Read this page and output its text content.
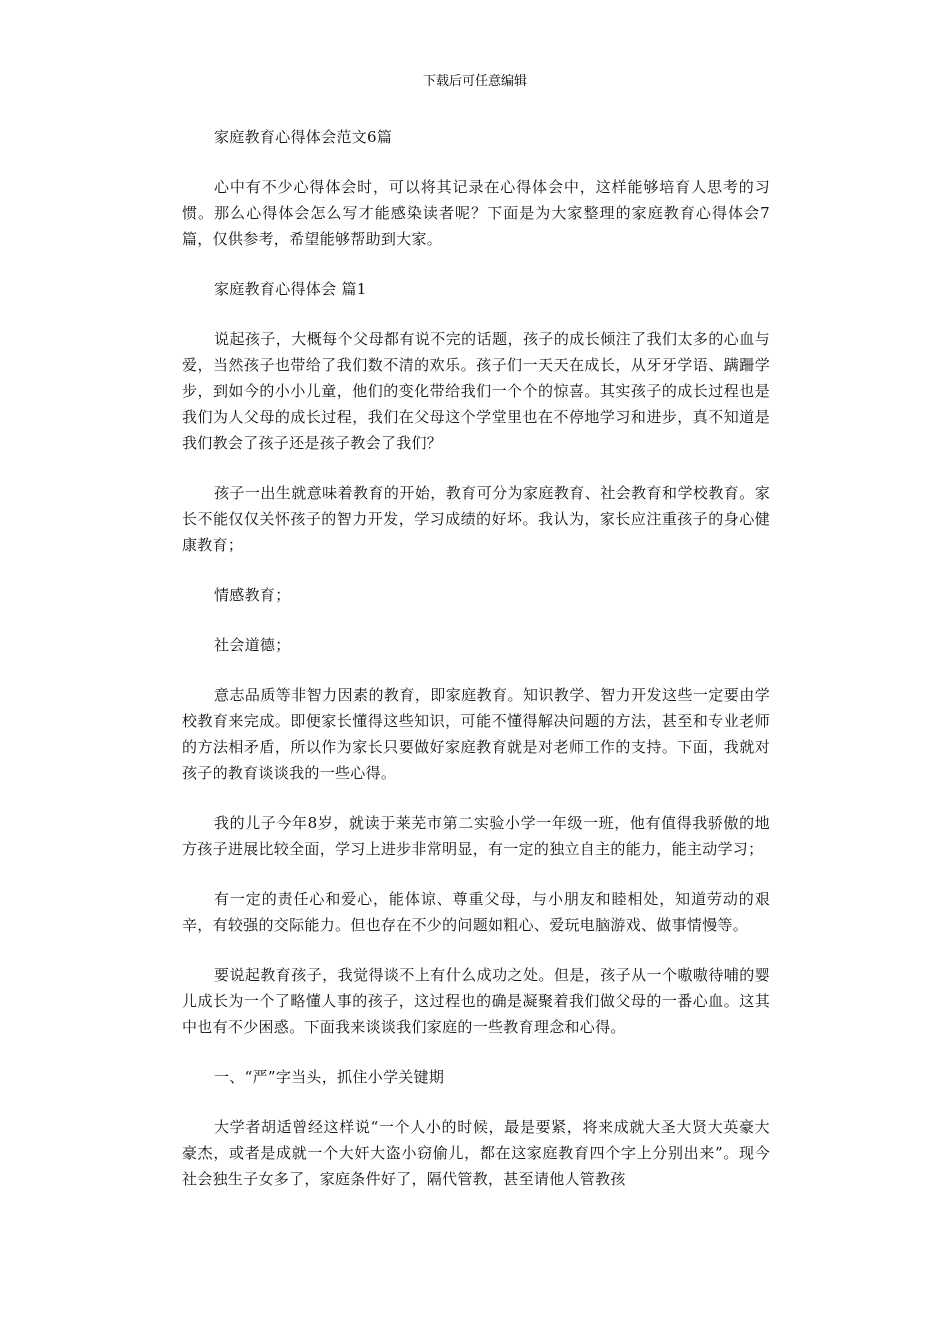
下载后可任意编辑

家庭教育心得体会范文6篇

心中有不少心得体会时，可以将其记录在心得体会中，这样能够培育人思考的习惯。那么心得体会怎么写才能感染读者呢？下面是为大家整理的家庭教育心得体会7篇，仅供参考，希望能够帮助到大家。

家庭教育心得体会 篇1

说起孩子，大概每个父母都有说不完的话题，孩子的成长倾注了我们太多的心血与爱，当然孩子也带给了我们数不清的欢乐。孩子们一天天在成长，从牙牙学语、蹒跚学步，到如今的小小儿童，他们的变化带给我们一个个的惊喜。其实孩子的成长过程也是我们为人父母的成长过程，我们在父母这个学堂里也在不停地学习和进步，真不知道是我们教会了孩子还是孩子教会了我们？

孩子一出生就意味着教育的开始，教育可分为家庭教育、社会教育和学校教育。家长不能仅仅关怀孩子的智力开发，学习成绩的好坏。我认为，家长应注重孩子的身心健康教育；

情感教育；

社会道德；

意志品质等非智力因素的教育，即家庭教育。知识教学、智力开发这些一定要由学校教育来完成。即便家长懂得这些知识，可能不懂得解决问题的方法，甚至和专业老师的方法相矛盾，所以作为家长只要做好家庭教育就是对老师工作的支持。下面，我就对孩子的教育谈谈我的一些心得。

我的儿子今年8岁，就读于莱芜市第二实验小学一年级一班，他有值得我骄傲的地方孩子进展比较全面，学习上进步非常明显，有一定的独立自主的能力，能主动学习；

有一定的责任心和爱心，能体谅、尊重父母，与小朋友和睦相处，知道劳动的艰辛，有较强的交际能力。但也存在不少的问题如粗心、爱玩电脑游戏、做事情慢等。

要说起教育孩子，我觉得谈不上有什么成功之处。但是，孩子从一个嗷嗷待哺的婴儿成长为一个了略懂人事的孩子，这过程也的确是凝聚着我们做父母的一番心血。这其中也有不少困惑。下面我来谈谈我们家庭的一些教育理念和心得。

一、“严”字当头，抓住小学关键期

大学者胡适曾经这样说“一个人小的时候，最是要紧，将来成就大圣大贤大英豪大豪杰，或者是成就一个大奸大盗小窃偷儿，都在这家庭教育四个字上分别出来”。现今社会独生子女多了，家庭条件好了，隔代管教，甚至请他人管教孩
